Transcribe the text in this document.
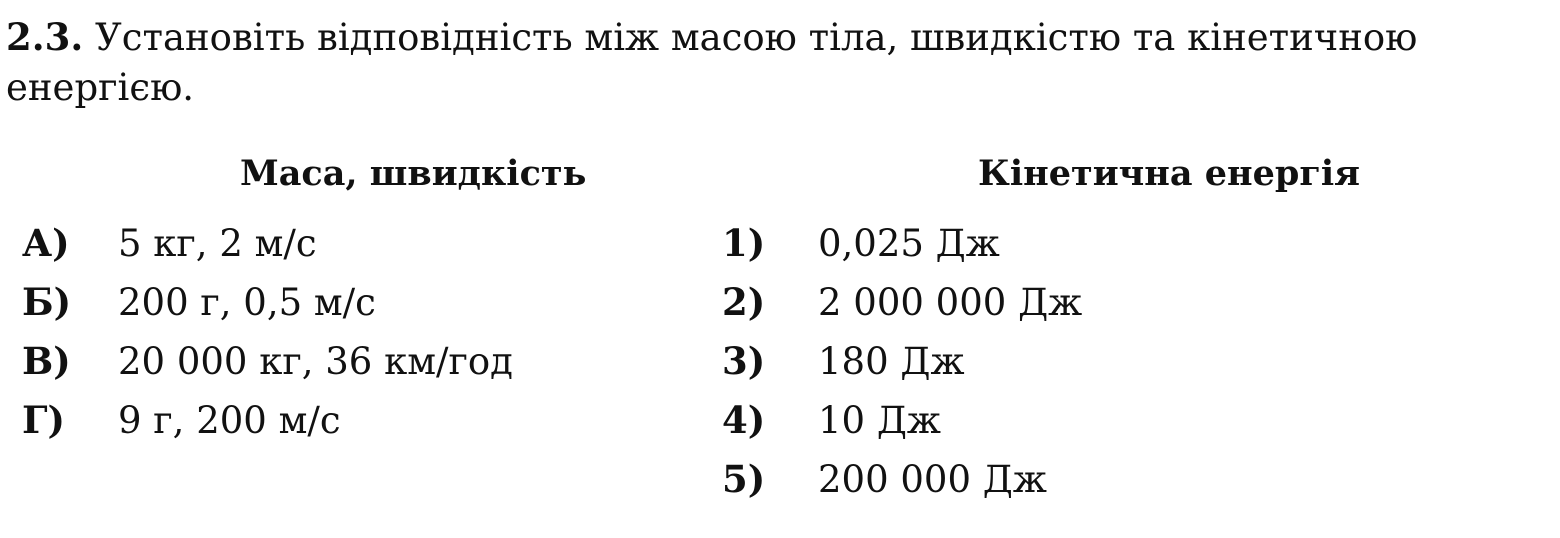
2.3. Установіть відповідність між масою тіла, швидкістю та кінетичною енергією.
Маса, швидкість	Кінетична енергія
А) 5 кг, 2 м/с
Б) 200 г, 0,5 м/с
В) 20 000 кг, 36 км/год
Г) 9 г, 200 м/с
1) 0,025 Дж
2) 2 000 000 Дж
3) 180 Дж
4) 10 Дж
5) 200 000 Дж
